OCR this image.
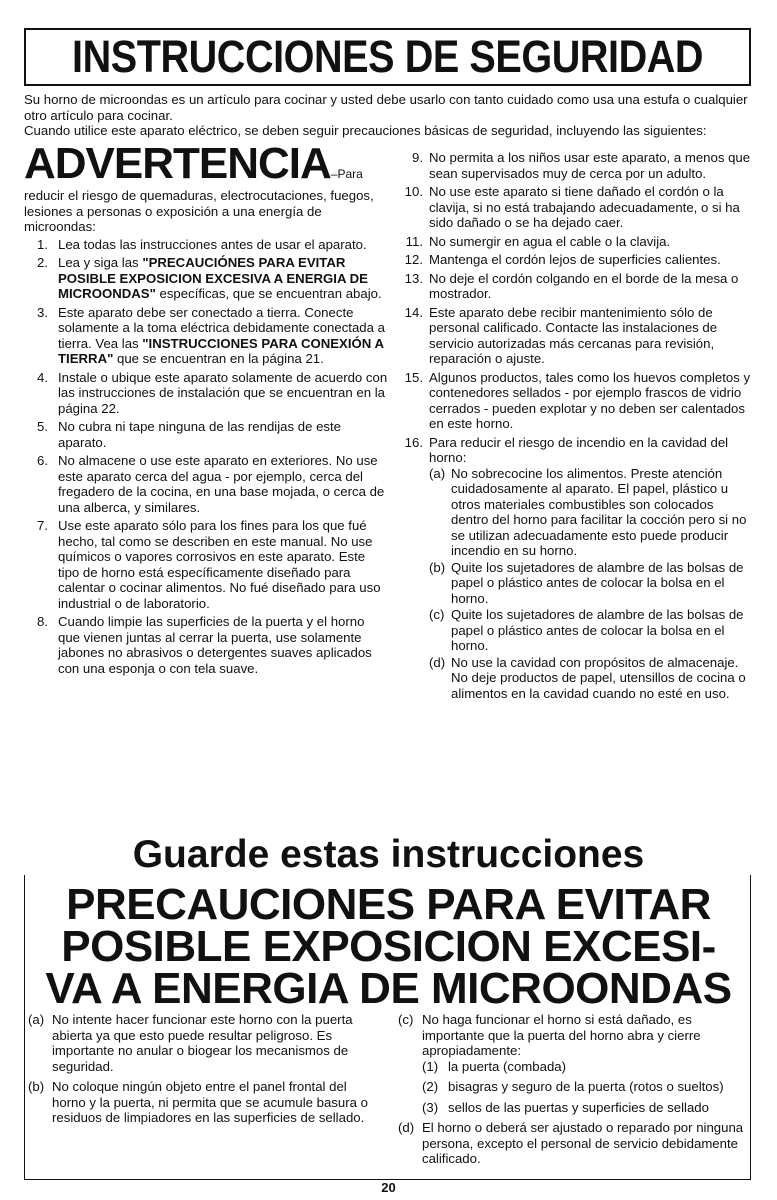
INSTRUCCIONES DE SEGURIDAD

Su horno de microondas es un artículo para cocinar y usted debe usarlo con tanto cuidado como usa una estufa o cualquier otro artículo para cocinar.

Cuando utilice este aparato eléctrico, se deben seguir precauciones básicas de seguridad, incluyendo las siguientes:

ADVERTENCIA–Para

reducir el riesgo de quemaduras, electrocutaciones, fuegos, lesiones a personas o exposición a una energía de microondas:

1. Lea todas las instrucciones antes de usar el aparato.
2. Lea y siga las "PRECAUCIÓNES PARA EVITAR POSIBLE EXPOSICION EXCESIVA A ENERGIA DE MICROONDAS" específicas, que se encuentran abajo.
3. Este aparato debe ser conectado a tierra. Conecte solamente a la toma eléctrica debidamente conectada a tierra. Vea las "INSTRUCCIONES PARA CONEXIÓN A TIERRA" que se encuentran en la página 21.
4. Instale o ubique este aparato solamente de acuerdo con las instrucciones de instalación que se encuentran en la página 22.
5. No cubra ni tape ninguna de las rendijas de este aparato.
6. No almacene o use este aparato en exteriores. No use este aparato cerca del agua - por ejemplo, cerca del fregadero de la cocina, en una base mojada, o cerca de una alberca, y similares.
7. Use este aparato sólo para los fines para los que fué hecho, tal como se describen en este manual. No use químicos o vapores corrosivos en este aparato. Este tipo de horno está específicamente diseñado para calentar o cocinar alimentos. No fué diseñado para uso industrial o de laboratorio.
8. Cuando limpie las superficies de la puerta y el horno que vienen juntas al cerrar la puerta, use solamente jabones no abrasivos o detergentes suaves aplicados con una esponja o con tela suave.
9. No permita a los niños usar este aparato, a menos que sean supervisados muy de cerca por un adulto.
10. No use este aparato si tiene dañado el cordón o la clavija, si no está trabajando adecuadamente, o si ha sido dañado o se ha dejado caer.
11. No sumergir en agua el cable o la clavija.
12. Mantenga el cordón lejos de superficies calientes.
13. No deje el cordón colgando en el borde de la mesa o mostrador.
14. Este aparato debe recibir mantenimiento sólo de personal calificado. Contacte las instalaciones de servicio autorizadas más cercanas para revisión, reparación o ajuste.
15. Algunos productos, tales como los huevos completos y contenedores sellados - por ejemplo frascos de vidrio cerrados - pueden explotar y no deben ser calentados en este horno.
16. Para reducir el riesgo de incendio en la cavidad del horno:
(a) No sobrecocine los alimentos. Preste atención cuidadosamente al aparato. El papel, plástico u otros materiales combustibles son colocados dentro del horno para facilitar la cocción pero si no se utilizan adecuadamente esto puede producir incendio en su horno.
(b) Quite los sujetadores de alambre de las bolsas de papel o plástico antes de colocar la bolsa en el horno.
(c) Quite los sujetadores de alambre de las bolsas de papel o plástico antes de colocar la bolsa en el horno.
(d) No use la cavidad con propósitos de almacenaje. No deje productos de papel, utensillos de cocina o alimentos en la cavidad cuando no esté en uso.
Guarde estas instrucciones
PRECAUCIONES PARA EVITAR
POSIBLE EXPOSICION EXCESI-
VA A ENERGIA DE MICROONDAS
(a) No intente hacer funcionar este horno con la puerta abierta ya que esto puede resultar peligroso. Es importante no anular o biogear los mecanismos de seguridad.
(b) No coloque ningún objeto entre el panel frontal del horno y la puerta, ni permita que se acumule basura o residuos de limpiadores en las superficies de sellado.
(c) No haga funcionar el horno si está dañado, es importante que la puerta del horno abra y cierre apropiadamente:
(1) la puerta (combada)
(2) bisagras y seguro de la puerta (rotos o sueltos)
(3) sellos de las puertas y superficies de sellado
(d) El horno o deberá ser ajustado o reparado por ninguna persona, excepto el personal de servicio debidamente calificado.
20
